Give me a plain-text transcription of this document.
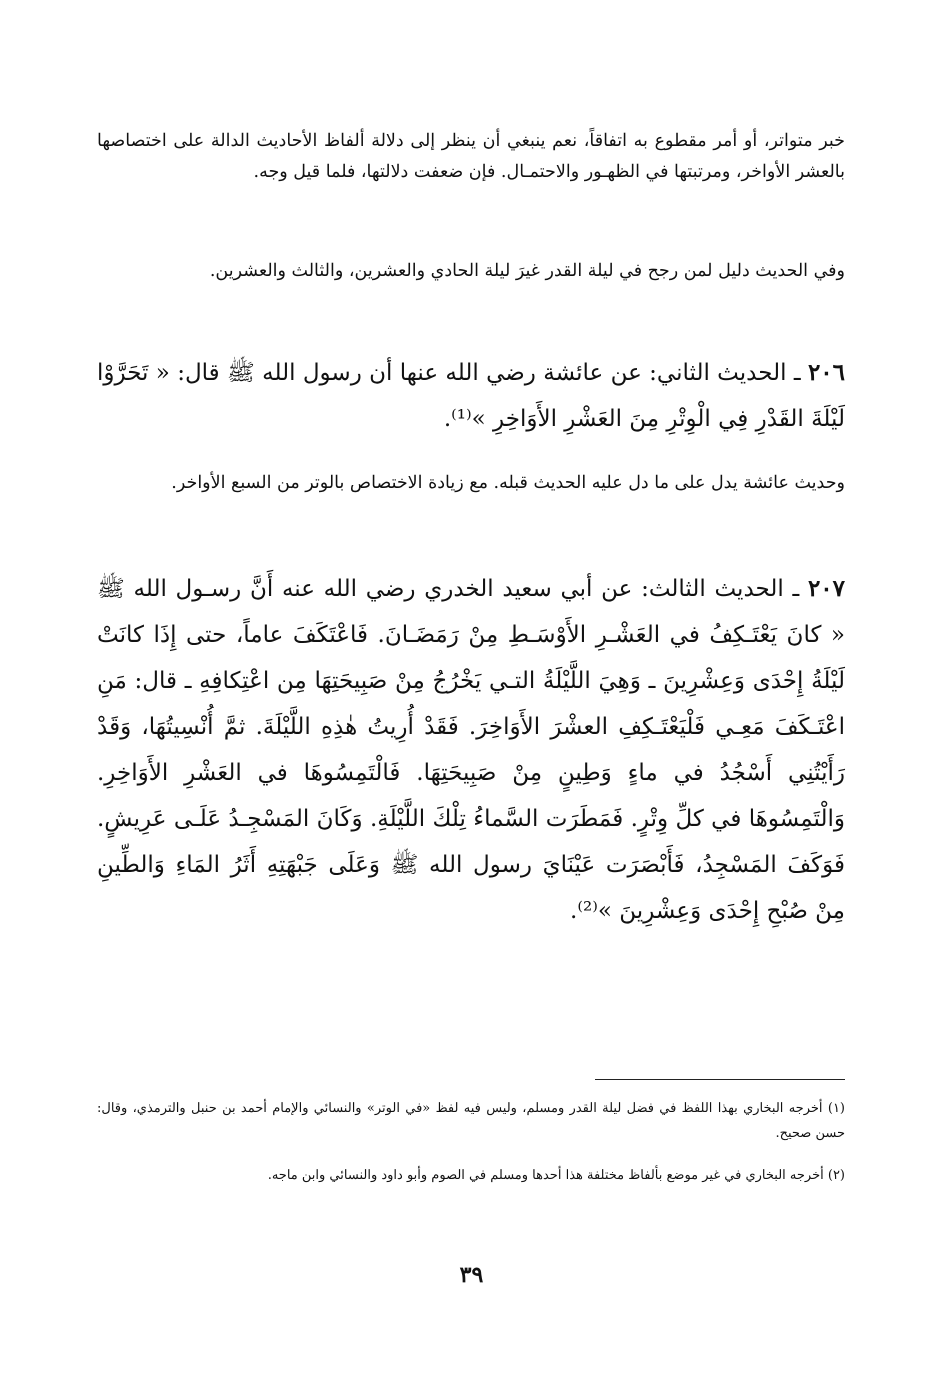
خبر متواتر، أو أمر مقطوع به اتفاقاً، نعم ينبغي أن ينظر إلى دلالة ألفاظ الأحاديث الدالة على اختصاصها بالعشر الأواخر، ومرتبتها في الظهـور والاحتمـال. فإن ضعفت دلالتها، فلما قيل وجه.

وفي الحديث دليل لمن رجح في ليلة القدر غيرَ ليلة الحادي والعشرين، والثالث والعشرين.

٢٠٦ ـ الحديث الثاني: عن عائشة رضي الله عنها أن رسول الله ﷺ قال: « تَحَرَّوْا لَيْلَةَ القَدْرِ فِي الْوِتْرِ مِنَ العَشْرِ الأَوَاخِرِ »⁽¹⁾.

وحديث عائشة يدل على ما دل عليه الحديث قبله. مع زيادة الاختصاص بالوتر من السبع الأواخر.

٢٠٧ ـ الحديث الثالث: عن أبي سعيد الخدري رضي الله عنه أَنَّ رسـول الله ﷺ « كانَ يَعْتَـكِفُ في العَشْـرِ الأَوْسَـطِ مِنْ رَمَضَـانَ. فَاعْتَكَفَ عاماً، حتى إِذَا كانَتْ لَيْلَةُ إِحْدَى وَعِشْرِينَ ـ وَهِيَ اللَّيْلَةُ التـي يَخْرُجُ مِنْ صَبِيحَتِهَا مِن اعْتِكافِهِ ـ قال: مَنِ اعْتَـكَفَ مَعِـي فَلْيَعْتَـكِفِ العشْرَ الأَوَاخِرَ. فَقَدْ أُرِيتُ هٰذِهِ اللَّيْلَةَ. ثمَّ أُنْسِيتُهَا، وَقَدْ رَأَيْتُنِي أَسْجُدُ في ماءٍ وَطِينٍ مِنْ صَبِيحَتِهَا. فَالْتَمِسُوهَا في العَشْرِ الأَوَاخِرِ. وَالْتَمِسُوهَا في كلِّ وِتْرٍ. فَمَطَرَت السَّماءُ تِلْكَ اللَّيْلَةِ. وَكَانَ المَسْجِـدُ عَلَـى عَرِيشٍ. فَوَكَفَ المَسْجِدُ، فَأَبْصَرَت عَيْنَايَ رسول الله ﷺ وَعَلَى جَبْهَتِهِ أَثَرُ المَاءِ وَالطِّينِ مِنْ صُبْحِ إِحْدَى وَعِشْرِينَ »⁽²⁾.

(١) أخرجه البخاري بهذا اللفظ في فضل ليلة القدر ومسلم، وليس فيه لفظ «في الوتر» والنسائي والإمام أحمد بن حنبل والترمذي، وقال: حسن صحيح.

(٢) أخرجه البخاري في غير موضع بألفاظ مختلفة هذا أحدها ومسلم في الصوم وأبو داود والنسائي وابن ماجه.

٣٩
